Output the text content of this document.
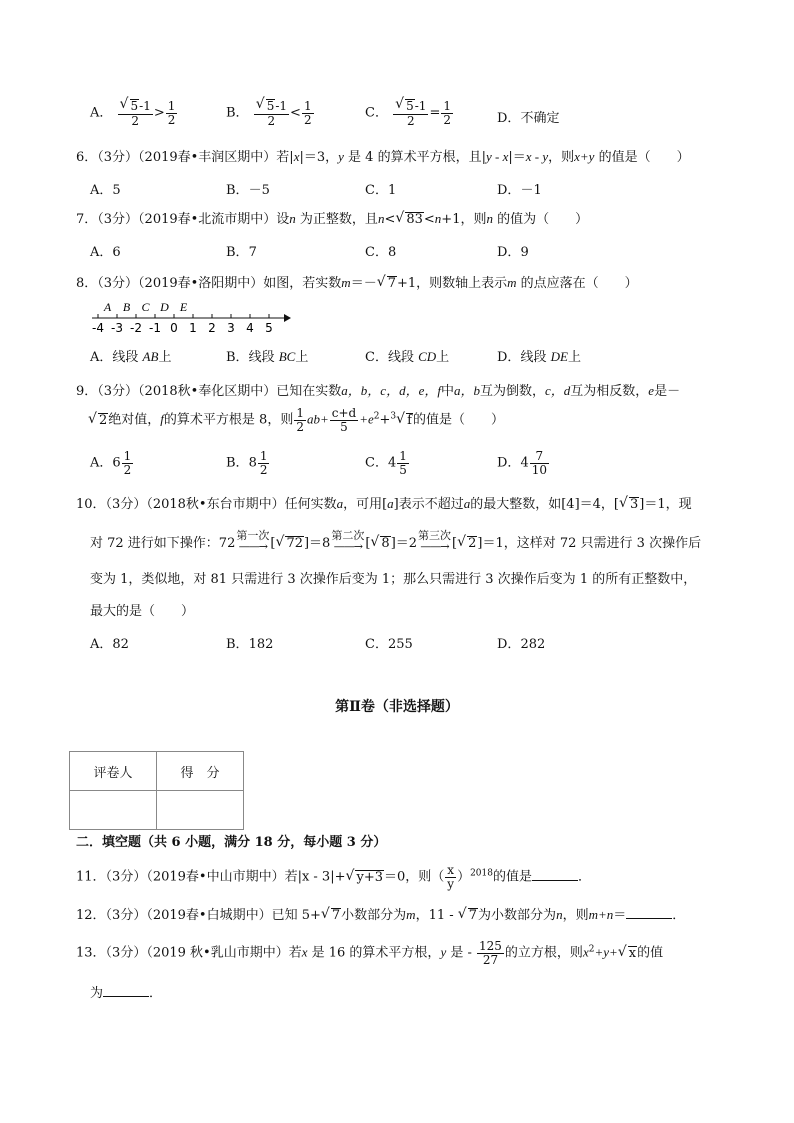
A． √ $\frac{5-1}{2} > \frac{1}{2}$	B． √ $\frac{5-1}{2} < \frac{1}{2}$	C． √ $\frac{5-1}{2} = \frac{1}{2}$	D．不确定
6．（3分）（2019春•丰润区期中）若|x|＝3，y 是 4 的算术平方根，且|y - x|＝x - y，则x+y 的值是（　　）
A．5	B．－5	C．1	D．－1
7．（3分）（2019春•北流市期中）设n 为正整数，且n< √ 83<n+1，则n 的值为（　　）
A．6	B．7	C．8	D．9
8．（3分）（2019春•洛阳期中）如图，若实数m＝－ √ 7+1，则数轴上表示m 的点应落在（　　）
A B C D E
-4 -3 -2 -1 0 1 2 3 4 5
A．线段 AB上	B．线段 BC上	C．线段 CD上	D．线段 DE上
9．（3分）（2018秋•奉化区期中）已知在实数a，b，c，d，e，f中a，b互为倒数，c，d互为相反数，e是－
√ 2绝对值，f的算术平方根是 8，则 $\frac{1}{2} ab+ \frac{c+d}{5} +e^2+^3$ √ f的值是（　　）
A．$6 \frac{1}{2}$	B．$8 \frac{1}{2}$	C．$4 \frac{1}{5}$	D．$4 \frac{7}{10}$
10．（3分）（2018秋•东台市期中）任何实数a，可用[a]表示不超过a的最大整数，如[4]＝4，[ √ 3]＝1，现
对 72 进行如下操作：72
第一次
——→ [ √ 72]＝8
第二次
——→ [ √ 8]＝2
第三次
——→ [ √ 2]＝1，这样对 72 只需进行 3 次操作后
变为 1，类似地，对 81 只需进行 3 次操作后变为 1；那么只需进行 3 次操作后变为 1 的所有正整数中，
最大的是（　　）
A．82	B．182	C．255	D．282
第Ⅱ卷（非选择题）
评卷人	得　分

二．填空题（共 6 小题，满分 18 分，每小题 3 分）
11．（3分）（2019春•中山市期中）若|x - 3|+ √ y+3＝0，则（ $\frac{x}{y} )^{2018}$的值是	．
12．（3分）（2019春•白城期中）已知 5+ √ 7小数部分为m，11 - √ 7为小数部分为n，则m+n＝	．
13．（3分）（2019 秋•乳山市期中）若x 是 16 的算术平方根，y 是 - $\frac{125}{27}$ 的立方根，则$x^2+y+$ √ x的值
为	．
